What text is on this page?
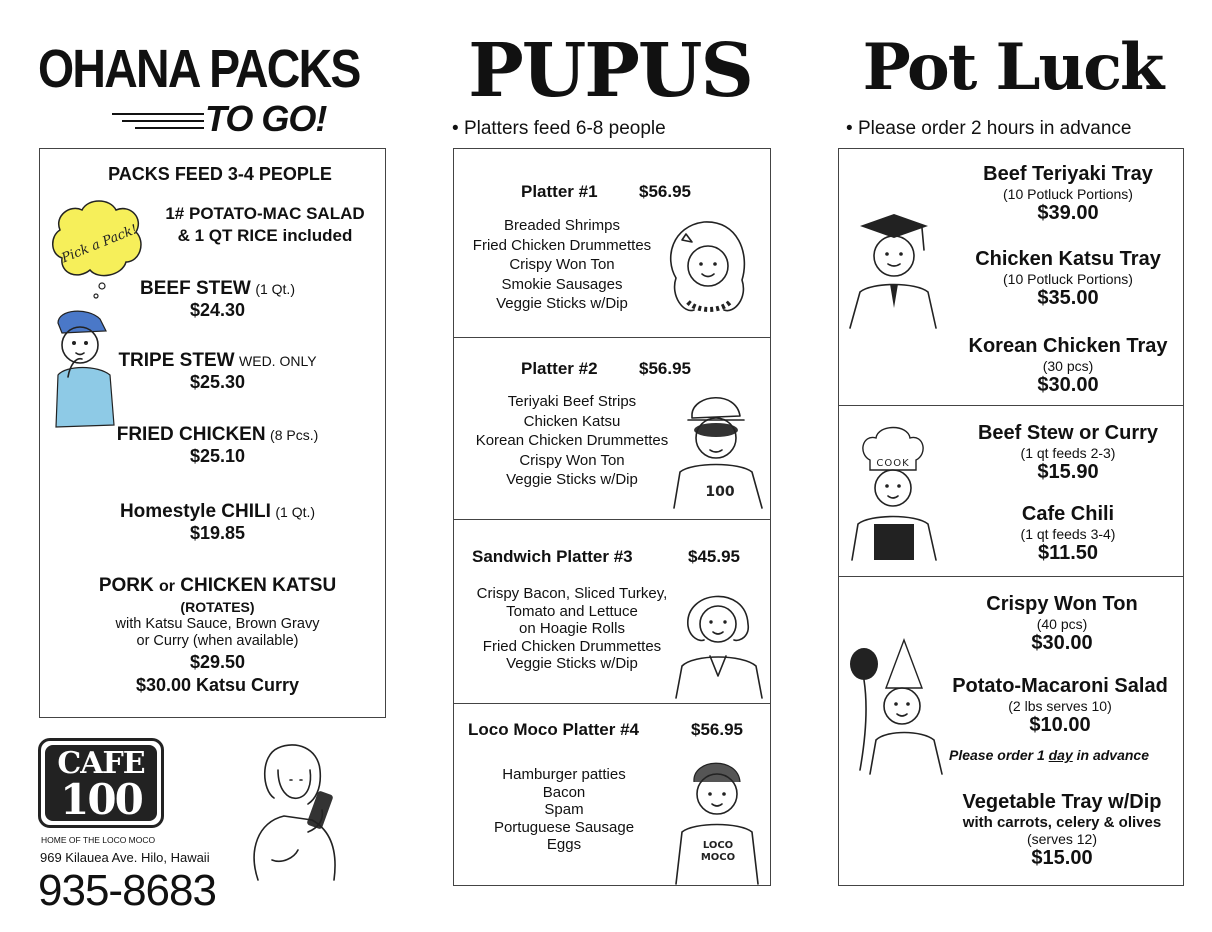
OHANA PACKS
TO GO!
PUPUS
• Platters feed 6-8 people
Pot Luck
• Please order 2 hours in advance
PACKS FEED 3-4 PEOPLE
Pick a Pack!
1# POTATO-MAC SALAD
& 1 QT RICE included
BEEF STEW (1 Qt.)
$24.30
TRIPE STEW WED. ONLY
$25.30
FRIED CHICKEN (8 Pcs.)
$25.10
Homestyle CHILI (1 Qt.)
$19.85
PORK or CHICKEN KATSU
(ROTATES)
with Katsu Sauce, Brown Gravy
or Curry (when available)
$29.50
$30.00 Katsu Curry
CAFE
100
HOME OF THE LOCO MOCO
969 Kilauea Ave. Hilo, Hawaii
935-8683
Platter #1 $56.95
Breaded Shrimps
Fried Chicken Drummettes
Crispy Won Ton
Smokie Sausages
Veggie Sticks w/Dip
Platter #2 $56.95
Teriyaki Beef Strips
Chicken Katsu
Korean Chicken Drummettes
Crispy Won Ton
Veggie Sticks w/Dip
100
Sandwich Platter #3	$45.95
Crispy Bacon, Sliced Turkey,
Tomato and Lettuce
on Hoagie Rolls
Fried Chicken Drummettes
Veggie Sticks w/Dip
Loco Moco Platter #4	$56.95
Hamburger patties
Bacon
Spam
Portuguese Sausage
Eggs	LOCO
MOCO
Beef Teriyaki Tray
(10 Potluck Portions)
$39.00
Chicken Katsu Tray
(10 Potluck Portions)
$35.00
Korean Chicken Tray
(30 pcs)
$30.00
COOK
Beef Stew or Curry
(1 qt feeds 2-3)
$15.90
Cafe Chili
(1 qt feeds 3-4)
$11.50
Crispy Won Ton
(40 pcs)
$30.00
Potato-Macaroni Salad
(2 lbs serves 10)
$10.00
Please order 1 day in advance
Vegetable Tray w/Dip
with carrots, celery & olives
(serves 12)
$15.00
